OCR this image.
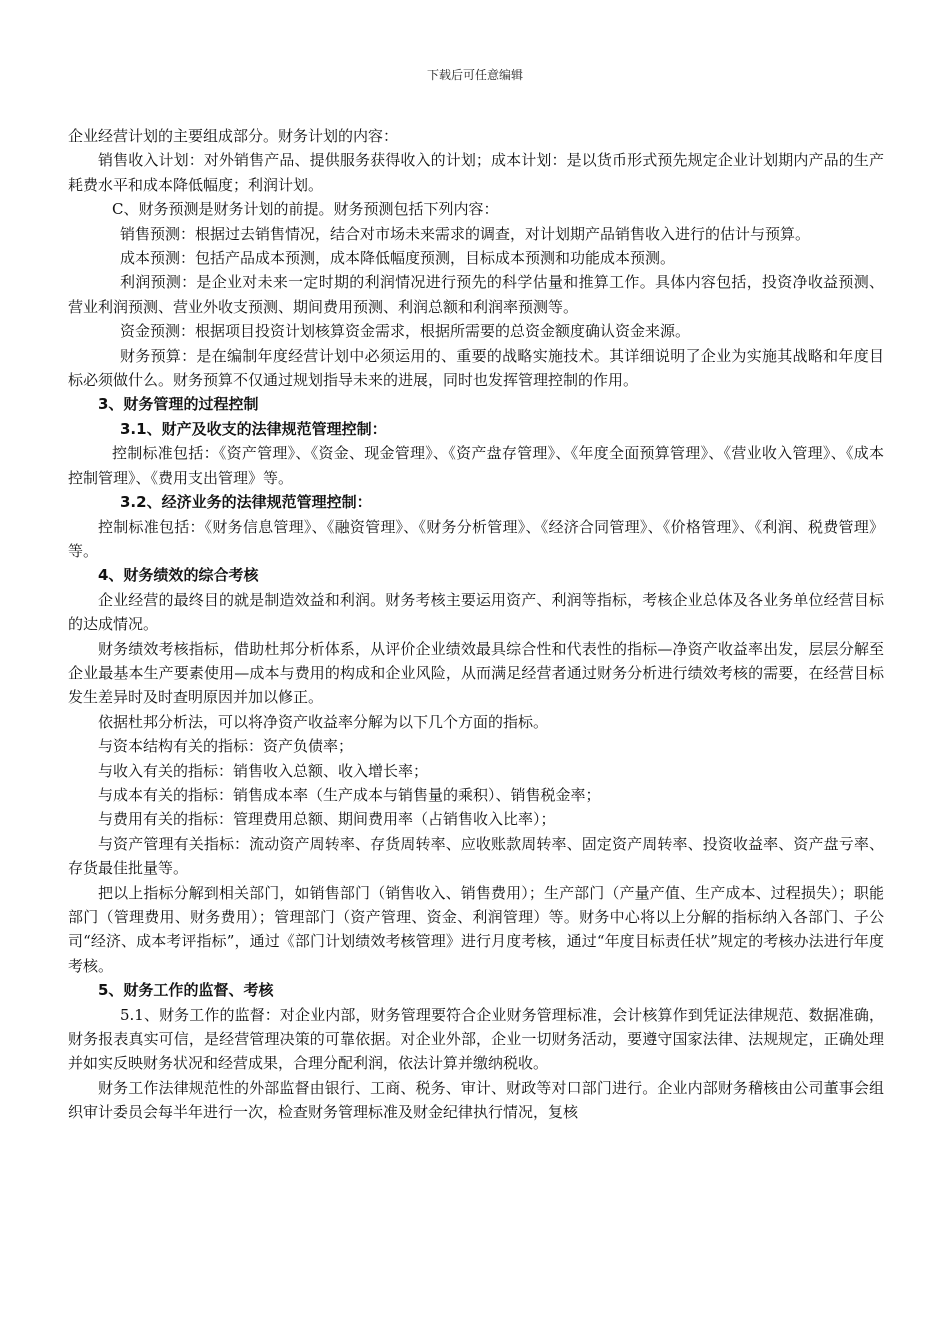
下载后可任意编辑

企业经营计划的主要组成部分。财务计划的内容：

销售收入计划：对外销售产品、提供服务获得收入的计划；成本计划：是以货币形式预先规定企业计划期内产品的生产耗费水平和成本降低幅度；利润计划。

C、财务预测是财务计划的前提。财务预测包括下列内容：

销售预测：根据过去销售情况，结合对市场未来需求的调查，对计划期产品销售收入进行的估计与预算。

成本预测：包括产品成本预测，成本降低幅度预测，目标成本预测和功能成本预测。

利润预测：是企业对未来一定时期的利润情况进行预先的科学估量和推算工作。具体内容包括，投资净收益预测、营业利润预测、营业外收支预测、期间费用预测、利润总额和利润率预测等。

资金预测：根据项目投资计划核算资金需求，根据所需要的总资金额度确认资金来源。

财务预算：是在编制年度经营计划中必须运用的、重要的战略实施技术。其详细说明了企业为实施其战略和年度目标必须做什么。财务预算不仅通过规划指导未来的进展，同时也发挥管理控制的作用。

3、财务管理的过程控制

3.1、财产及收支的法律规范管理控制：

控制标准包括：《资产管理》、《资金、现金管理》、《资产盘存管理》、《年度全面预算管理》、《营业收入管理》、《成本控制管理》、《费用支出管理》等。

3.2、经济业务的法律规范管理控制：

控制标准包括：《财务信息管理》、《融资管理》、《财务分析管理》、《经济合同管理》、《价格管理》、《利润、税费管理》等。

4、财务绩效的综合考核

企业经营的最终目的就是制造效益和利润。财务考核主要运用资产、利润等指标，考核企业总体及各业务单位经营目标的达成情况。

财务绩效考核指标，借助杜邦分析体系，从评价企业绩效最具综合性和代表性的指标—净资产收益率出发，层层分解至企业最基本生产要素使用—成本与费用的构成和企业风险，从而满足经营者通过财务分析进行绩效考核的需要，在经营目标发生差异时及时查明原因并加以修正。

依据杜邦分析法，可以将净资产收益率分解为以下几个方面的指标。

与资本结构有关的指标：资产负债率；

与收入有关的指标：销售收入总额、收入增长率；

与成本有关的指标：销售成本率（生产成本与销售量的乘积）、销售税金率；

与费用有关的指标：管理费用总额、期间费用率（占销售收入比率）；

与资产管理有关指标：流动资产周转率、存货周转率、应收账款周转率、固定资产周转率、投资收益率、资产盘亏率、存货最佳批量等。

把以上指标分解到相关部门，如销售部门（销售收入、销售费用）；生产部门（产量产值、生产成本、过程损失）；职能部门（管理费用、财务费用）；管理部门（资产管理、资金、利润管理）等。财务中心将以上分解的指标纳入各部门、子公司“经济、成本考评指标”，通过《部门计划绩效考核管理》进行月度考核，通过“年度目标责任状”规定的考核办法进行年度考核。

5、财务工作的监督、考核

5.1、财务工作的监督：对企业内部，财务管理要符合企业财务管理标准，会计核算作到凭证法律规范、数据准确，财务报表真实可信，是经营管理决策的可靠依据。对企业外部，企业一切财务活动，要遵守国家法律、法规规定，正确处理并如实反映财务状况和经营成果，合理分配利润，依法计算并缴纳税收。

财务工作法律规范性的外部监督由银行、工商、税务、审计、财政等对口部门进行。企业内部财务稽核由公司董事会组织审计委员会每半年进行一次，检查财务管理标准及财金纪律执行情况，复核
